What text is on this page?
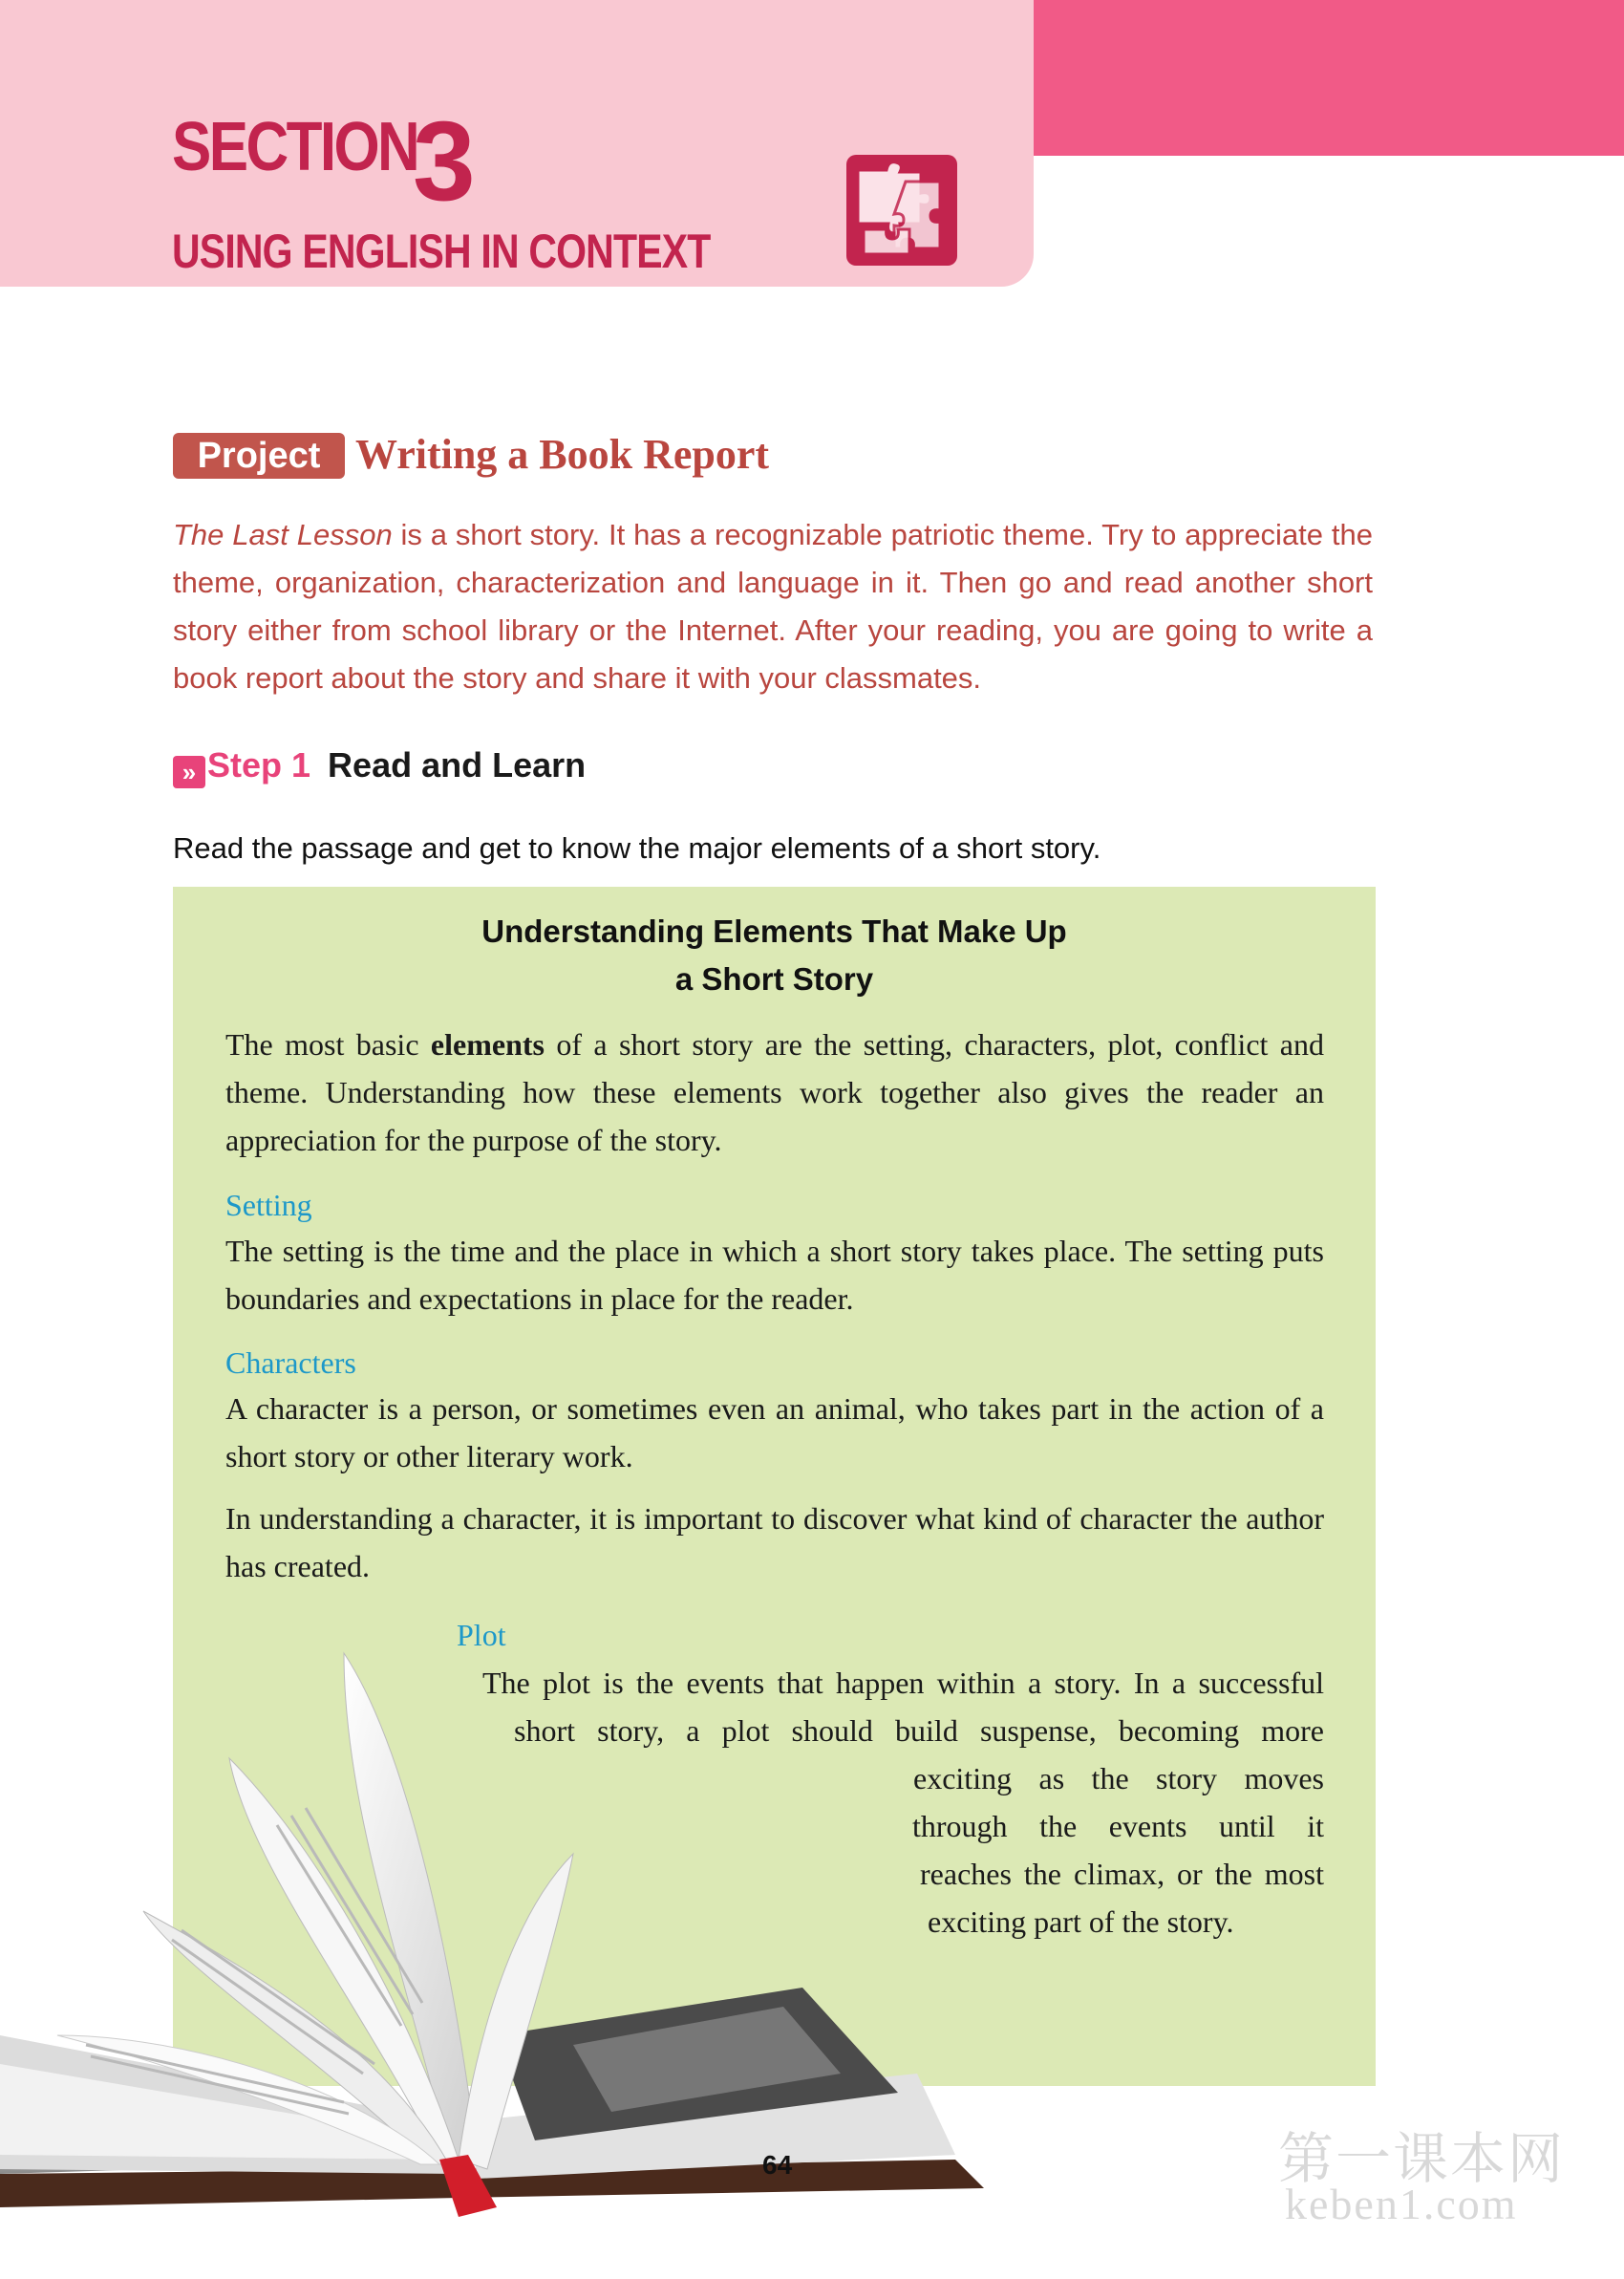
SECTION
3
USING ENGLISH IN CONTEXT
Project Writing a Book Report
The Last Lesson is a short story. It has a recognizable patriotic theme. Try to appreciate the theme, organization, characterization and language in it. Then go and read another short story either from school library or the Internet. After your reading, you are going to write a book report about the story and share it with your classmates.
» Step 1 Read and Learn
Read the passage and get to know the major elements of a short story.
Understanding Elements That Make Up
a Short Story
The most basic elements of a short story are the setting, characters, plot, conflict and theme. Understanding how these elements work together also gives the reader an appreciation for the purpose of the story.
Setting
The setting is the time and the place in which a short story takes place. The setting puts boundaries and expectations in place for the reader.
Characters
A character is a person, or sometimes even an animal, who takes part in the action of a short story or other literary work.
In understanding a character, it is important to discover what kind of character the author has created.
Plot
The plot is the events that happen within a story. In a successful
short story, a plot should build suspense, becoming more
exciting as the story moves
through the events until it
reaches the climax, or the most
exciting part of the story.
64	第一课本网
keben1.com
